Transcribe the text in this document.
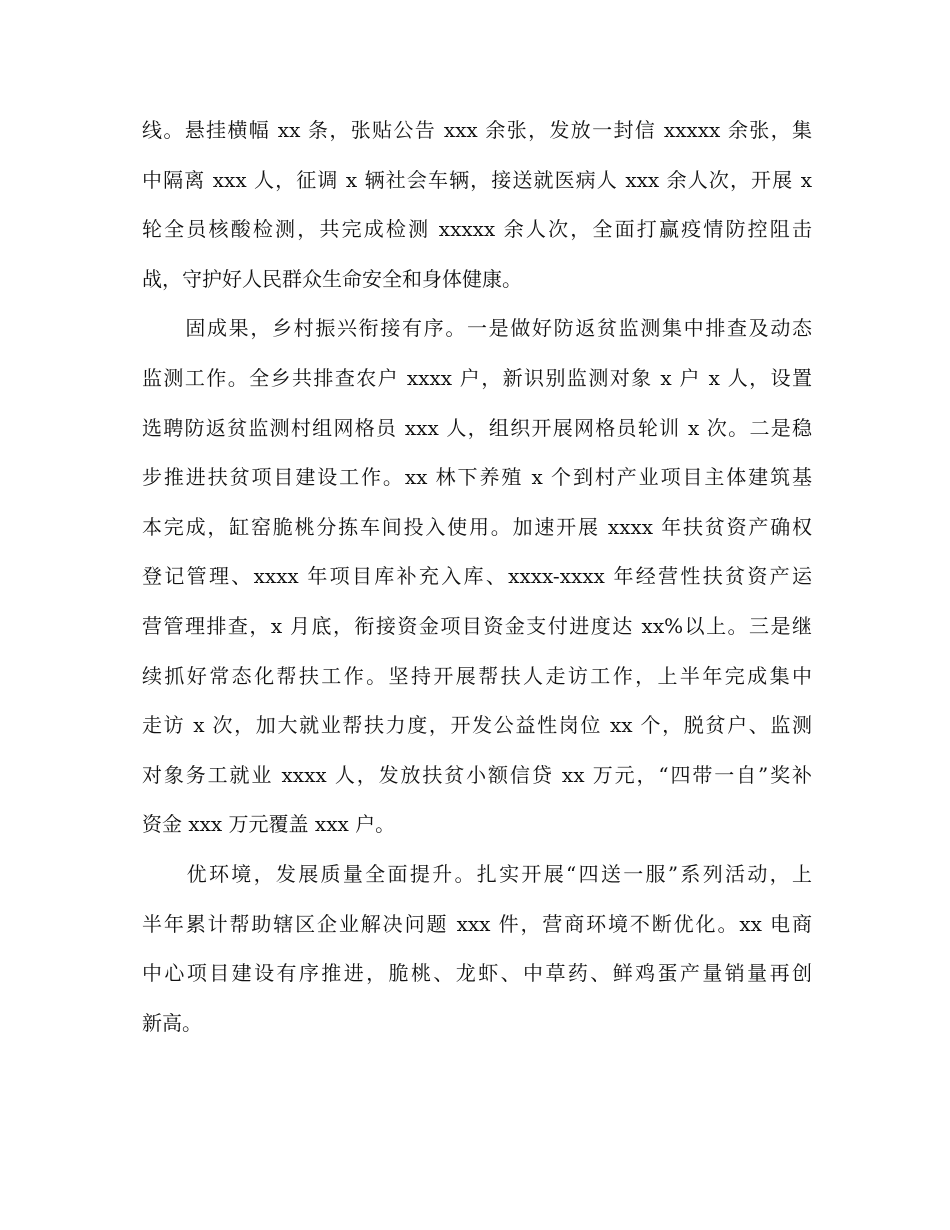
线。悬挂横幅 xx 条，张贴公告 xxx 余张，发放一封信 xxxxx 余张，集
中隔离 xxx 人，征调 x 辆社会车辆，接送就医病人 xxx 余人次，开展 x
轮全员核酸检测，共完成检测 xxxxx 余人次，全面打赢疫情防控阻击
战，守护好人民群众生命安全和身体健康。
　　固成果，乡村振兴衔接有序。一是做好防返贫监测集中排查及动态
监测工作。全乡共排查农户 xxxx 户，新识别监测对象 x 户 x 人，设置
选聘防返贫监测村组网格员 xxx 人，组织开展网格员轮训 x 次。二是稳
步推进扶贫项目建设工作。xx 林下养殖 x 个到村产业项目主体建筑基
本完成，缸窑脆桃分拣车间投入使用。加速开展 xxxx 年扶贫资产确权
登记管理、xxxx 年项目库补充入库、xxxx-xxxx 年经营性扶贫资产运
营管理排查，x 月底，衔接资金项目资金支付进度达 xx%以上。三是继
续抓好常态化帮扶工作。坚持开展帮扶人走访工作，上半年完成集中
走访 x 次，加大就业帮扶力度，开发公益性岗位 xx 个，脱贫户、监测
对象务工就业 xxxx 人，发放扶贫小额信贷 xx 万元，“四带一自”奖补
资金 xxx 万元覆盖 xxx 户。
　　优环境，发展质量全面提升。扎实开展“四送一服”系列活动，上
半年累计帮助辖区企业解决问题 xxx 件，营商环境不断优化。xx 电商
中心项目建设有序推进，脆桃、龙虾、中草药、鲜鸡蛋产量销量再创
新高。
